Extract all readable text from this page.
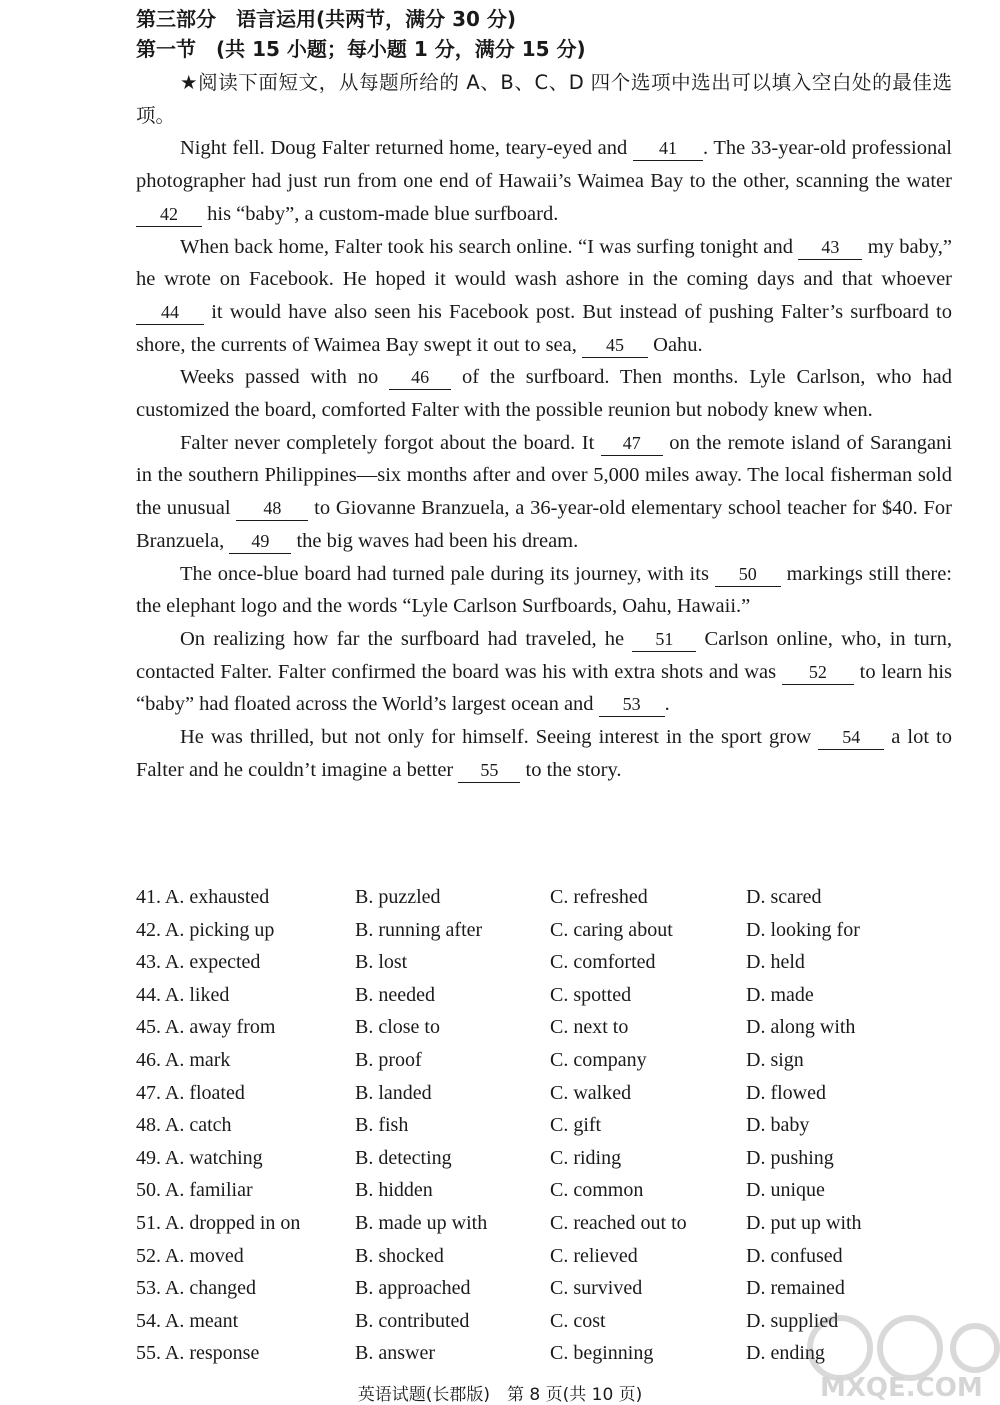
第三部分　语言运用(共两节，满分 30 分)
第一节　(共 15 小题；每小题 1 分，满分 15 分)

★阅读下面短文，从每题所给的 A、B、C、D 四个选项中选出可以填入空白处的最佳选项。

Night fell. Doug Falter returned home, teary-eyed and 41 . The 33-year-old professional photographer had just run from one end of Hawaii’s Waimea Bay to the other, scanning the water 42 his “baby”, a custom-made blue surfboard.

When back home, Falter took his search online. “I was surfing tonight and 43 my baby,” he wrote on Facebook. He hoped it would wash ashore in the coming days and that whoever 44 it would have also seen his Facebook post. But instead of pushing Falter’s surfboard to shore, the currents of Waimea Bay swept it out to sea, 45 Oahu.

Weeks passed with no 46 of the surfboard. Then months. Lyle Carlson, who had customized the board, comforted Falter with the possible reunion but nobody knew when.

Falter never completely forgot about the board. It 47 on the remote island of Sarangani in the southern Philippines—six months after and over 5,000 miles away. The local fisherman sold the unusual 48 to Giovanne Branzuela, a 36-year-old elementary school teacher for $40. For Branzuela, 49 the big waves had been his dream.

The once-blue board had turned pale during its journey, with its 50 markings still there: the elephant logo and the words “Lyle Carlson Surfboards, Oahu, Hawaii.”

On realizing how far the surfboard had traveled, he 51 Carlson online, who, in turn, contacted Falter. Falter confirmed the board was his with extra shots and was 52 to learn his “baby” had floated across the World’s largest ocean and 53 .

He was thrilled, but not only for himself. Seeing interest in the sport grow 54 a lot to Falter and he couldn’t imagine a better 55 to the story.

41. A. exhausted	B. puzzled	C. refreshed	D. scared
42. A. picking up	B. running after	C. caring about	D. looking for
43. A. expected	B. lost	C. comforted	D. held
44. A. liked	B. needed	C. spotted	D. made
45. A. away from	B. close to	C. next to	D. along with
46. A. mark	B. proof	C. company	D. sign
47. A. floated	B. landed	C. walked	D. flowed
48. A. catch	B. fish	C. gift	D. baby
49. A. watching	B. detecting	C. riding	D. pushing
50. A. familiar	B. hidden	C. common	D. unique
51. A. dropped in on	B. made up with	C. reached out to	D. put up with
52. A. moved	B. shocked	C. relieved	D. confused
53. A. changed	B. approached	C. survived	D. remained
54. A. meant	B. contributed	C. cost	D. supplied
55. A. response	B. answer	C. beginning	D. ending
英语试题(长郡版)　第 8 页(共 10 页)	MXQE.COM
